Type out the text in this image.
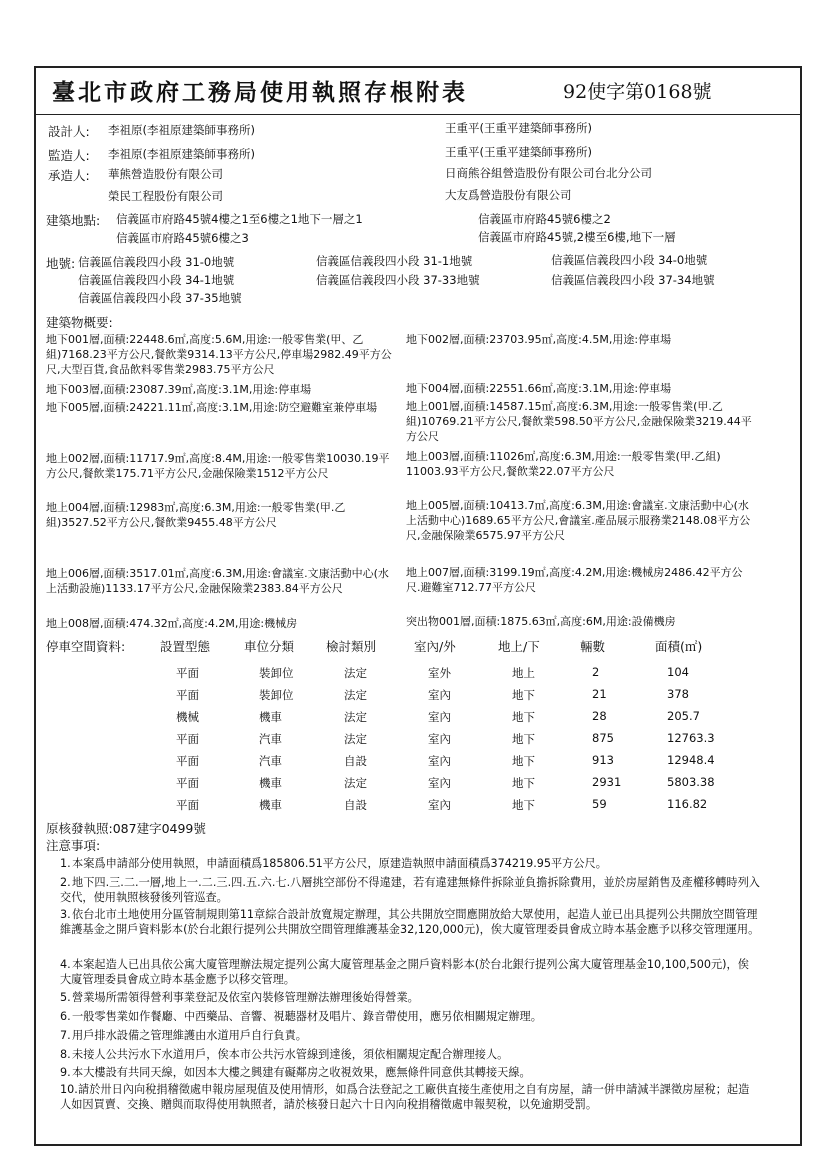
臺北市政府工務局使用執照存根附表	92使字第0168號
設計人: 李祖原(李祖原建築師事務所)	王重平(王重平建築師事務所)
監造人: 李祖原(李祖原建築師事務所)	王重平(王重平建築師事務所)
承造人: 華熊營造股份有限公司	日商熊谷組營造股份有限公司台北分公司
榮民工程股份有限公司	大友爲營造股份有限公司
建築地點: 信義區市府路45號4樓之1至6樓之1地下一層之1	信義區市府路45號6樓之2
信義區市府路45號6樓之3	信義區市府路45號,2樓至6樓,地下一層
地號: 信義區信義段四小段 31-0地號	信義區信義段四小段 31-1地號	信義區信義段四小段 34-0地號
信義區信義段四小段 34-1地號	信義區信義段四小段 37-33地號	信義區信義段四小段 37-34地號
信義區信義段四小段 37-35地號
建築物概要:
地下001層,面積:22448.6㎡,高度:5.6M,用途:一般零售業(甲、乙組)7168.23平方公尺,餐飲業9314.13平方公尺,停車場2982.49平方公尺,大型百貨,食品飲料零售業2983.75平方公尺
地下002層,面積:23703.95㎡,高度:4.5M,用途:停車場
地下003層,面積:23087.39㎡,高度:3.1M,用途:停車場	地下004層,面積:22551.66㎡,高度:3.1M,用途:停車場
地下005層,面積:24221.11㎡,高度:3.1M,用途:防空避難室兼停車場	地上001層,面積:14587.15㎡,高度:6.3M,用途:一般零售業(甲.乙組)10769.21平方公尺,餐飲業598.50平方公尺,金融保險業3219.44平方公尺
地上002層,面積:11717.9㎡,高度:8.4M,用途:一般零售業10030.19平方公尺,餐飲業175.71平方公尺,金融保險業1512平方公尺
地上003層,面積:11026㎡,高度:6.3M,用途:一般零售業(甲.乙組) 11003.93平方公尺,餐飲業22.07平方公尺
地上004層,面積:12983㎡,高度:6.3M,用途:一般零售業(甲.乙組)3527.52平方公尺,餐飲業9455.48平方公尺
地上005層,面積:10413.7㎡,高度:6.3M,用途:會議室.文康活動中心(水上活動中心)1689.65平方公尺,會議室.產品展示服務業2148.08平方公尺,金融保險業6575.97平方公尺
地上006層,面積:3517.01㎡,高度:6.3M,用途:會議室.文康活動中心(水上活動設施)1133.17平方公尺,金融保險業2383.84平方公尺
地上007層,面積:3199.19㎡,高度:4.2M,用途:機械房2486.42平方公尺.避難室712.77平方公尺
地上008層,面積:474.32㎡,高度:4.2M,用途:機械房	突出物001層,面積:1875.63㎡,高度:6M,用途:設備機房
停車空間資料:	設置型態	車位分類	檢討類別	室內/外	地上/下	輛數	面積(㎡)
平面	裝卸位	法定	室外	地上	2	104
平面	裝卸位	法定	室內	地下	21	378
機械	機車	法定	室內	地下	28	205.7
平面	汽車	法定	室內	地下	875	12763.3
平面	汽車	自設	室內	地下	913	12948.4
平面	機車	法定	室內	地下	2931	5803.38
平面	機車	自設	室內	地下	59	116.82
原核發執照:087建字0499號
注意事項:
1.本案爲申請部分使用執照，申請面積爲185806.51平方公尺，原建造執照申請面積爲374219.95平方公尺。
2.地下四.三.二.一層,地上一.二.三.四.五.六.七.八層挑空部份不得違建，若有違建無條件拆除並負擔拆除費用，並於房屋銷售及產權移轉時列入交代，使用執照核發後列管巡查。
3.依台北市土地使用分區管制規則第11章綜合設計放寬規定辦理，其公共開放空間應開放給大眾使用，起造人並已出具提列公共開放空間管理維護基金之開戶資料影本(於台北銀行提列公共開放空間管理維護基金32,120,000元)，俟大廈管理委員會成立時本基金應予以移交管理運用。
4.本案起造人已出具依公寓大廈管理辦法規定提列公寓大廈管理基金之開戶資料影本(於台北銀行提列公寓大廈管理基金10,100,500元)，俟大廈管理委員會成立時本基金應予以移交管理。
5.營業場所需領得營利事業登記及依室內裝修管理辦法辦理後始得營業。
6.一般零售業如作餐廳、中西藥品、音響、視聽器材及唱片、錄音帶使用，應另依相關規定辦理。
7.用戶排水設備之管理維護由水道用戶自行負責。
8.未接人公共污水下水道用戶，俟本市公共污水管線到達後，須依相關規定配合辦理接人。
9.本大樓設有共同天線，如因本大樓之興建有礙鄰房之收視效果，應無條件同意供其轉接天線。
10.請於卅日內向稅捐稽徵處申報房屋現值及使用情形，如爲合法登記之工廠供直接生產使用之自有房屋，請一併申請減半課徵房屋稅；起造人如因買賣、交換、贈與而取得使用執照者，請於核發日起六十日內向稅捐稽徵處申報契稅，以免逾期受罰。
